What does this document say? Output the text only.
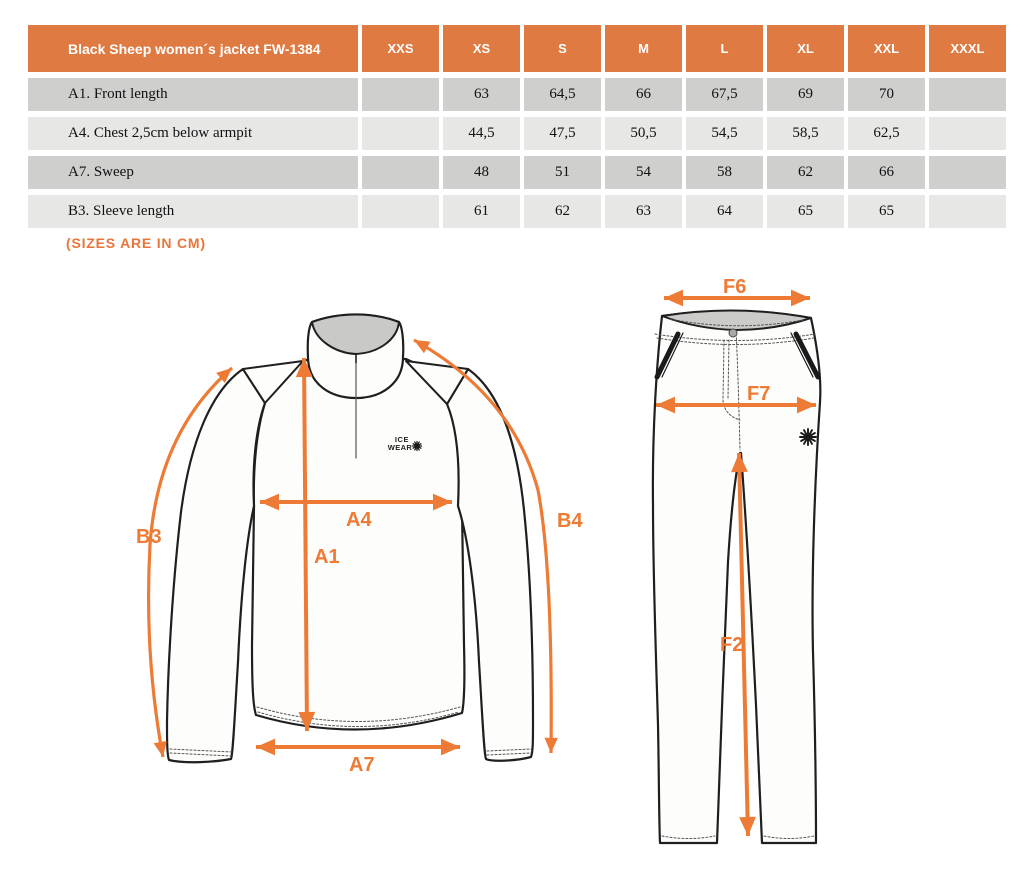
Black Sheep women´s jacket FW-1384	XXS	XS	S	M	L	XL	XXL	XXXL
A1. Front length		63	64,5	66	67,5	69	70	
A4. Chest 2,5cm below armpit		44,5	47,5	50,5	54,5	58,5	62,5	
A7. Sweep		48	51	54	58	62	66	
B3. Sleeve length		61	62	63	64	65	65	
(SIZES ARE IN CM)
ICE
WEAR
B3
B4
A1
A4
A7
F6
F7
F2
